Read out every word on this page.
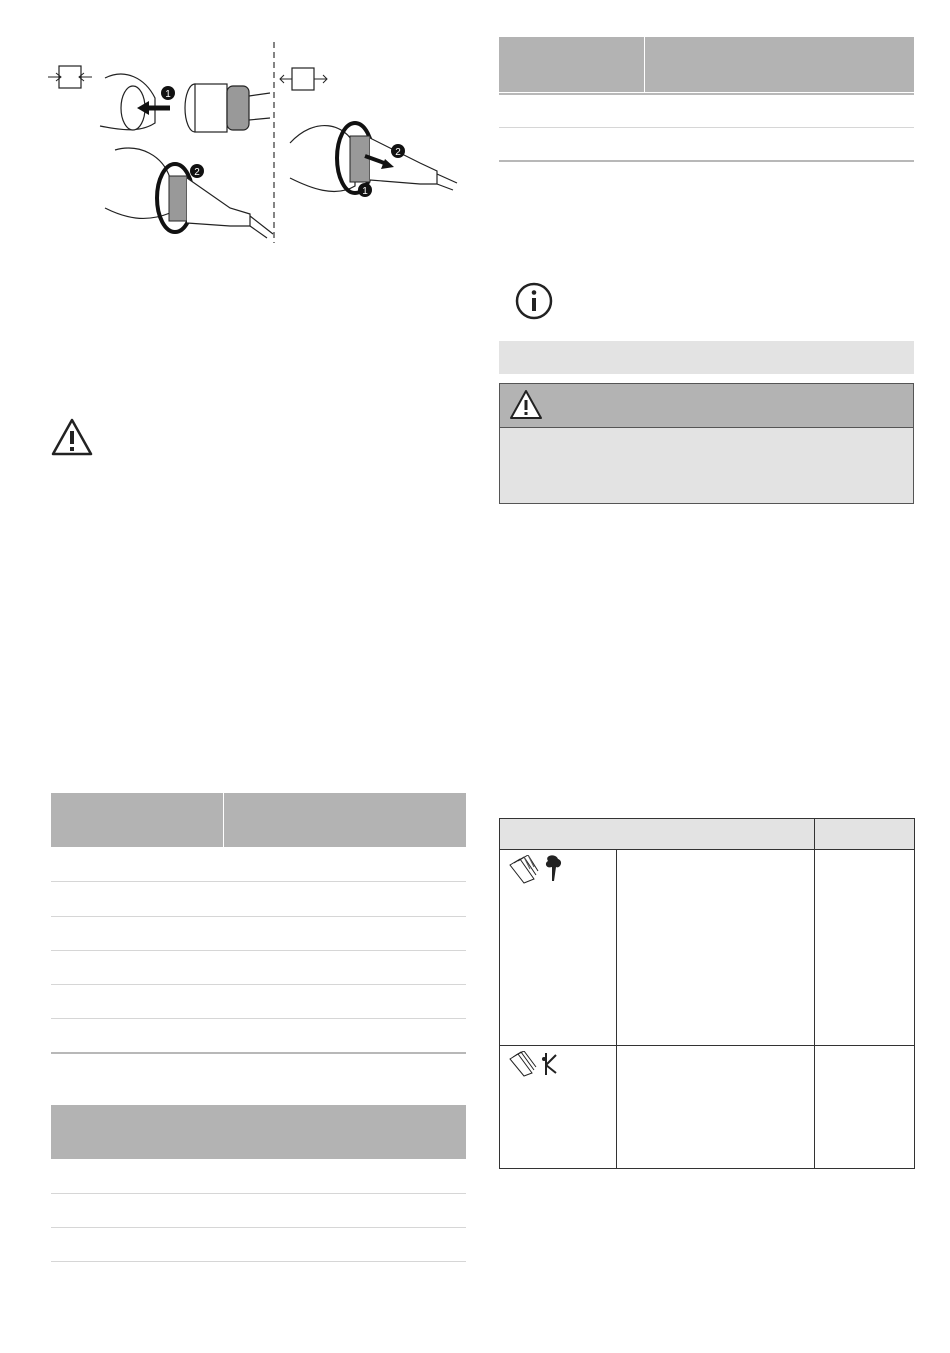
1
2
2
1
